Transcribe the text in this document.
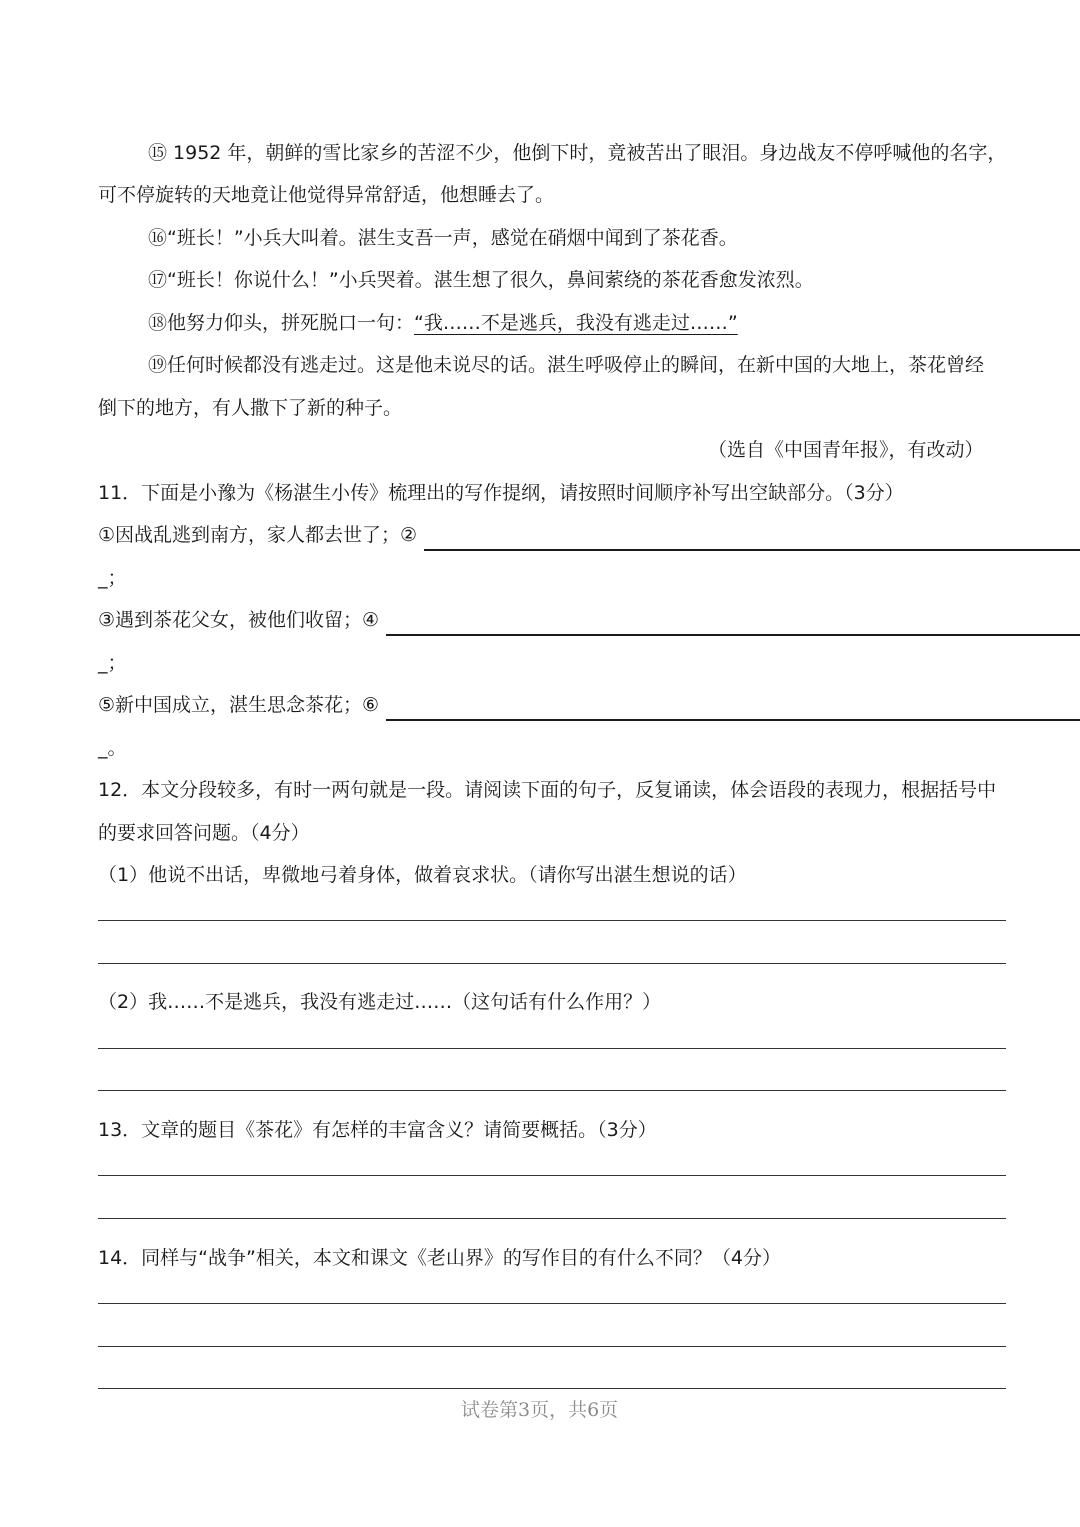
⑮ 1952 年，朝鲜的雪比家乡的苦涩不少，他倒下时，竟被苦出了眼泪。身边战友不停呼喊他的名字，
可不停旋转的天地竟让他觉得异常舒适，他想睡去了。
⑯“班长！”小兵大叫着。湛生支吾一声，感觉在硝烟中闻到了茶花香。
⑰“班长！你说什么！”小兵哭着。湛生想了很久，鼻间萦绕的茶花香愈发浓烈。
⑱他努力仰头，拼死脱口一句：“我……不是逃兵，我没有逃走过……”
⑲任何时候都没有逃走过。这是他未说尽的话。湛生呼吸停止的瞬间，在新中国的大地上，茶花曾经
倒下的地方，有人撒下了新的种子。
（选自《中国青年报》，有改动）
11．下面是小豫为《杨湛生小传》梳理出的写作提纲，请按照时间顺序补写出空缺部分。（3分）
①因战乱逃到南方，家人都去世了；②
_；
③遇到茶花父女，被他们收留；④
_；
⑤新中国成立，湛生思念茶花；⑥
_。
12．本文分段较多，有时一两句就是一段。请阅读下面的句子，反复诵读，体会语段的表现力，根据括号中
的要求回答问题。（4分）
（1）他说不出话，卑微地弓着身体，做着哀求状。（请你写出湛生想说的话）
（2）我……不是逃兵，我没有逃走过……（这句话有什么作用？）
13．文章的题目《茶花》有怎样的丰富含义？请简要概括。（3分）
14．同样与“战争”相关，本文和课文《老山界》的写作目的有什么不同？（4分）
试卷第3页，共6页
